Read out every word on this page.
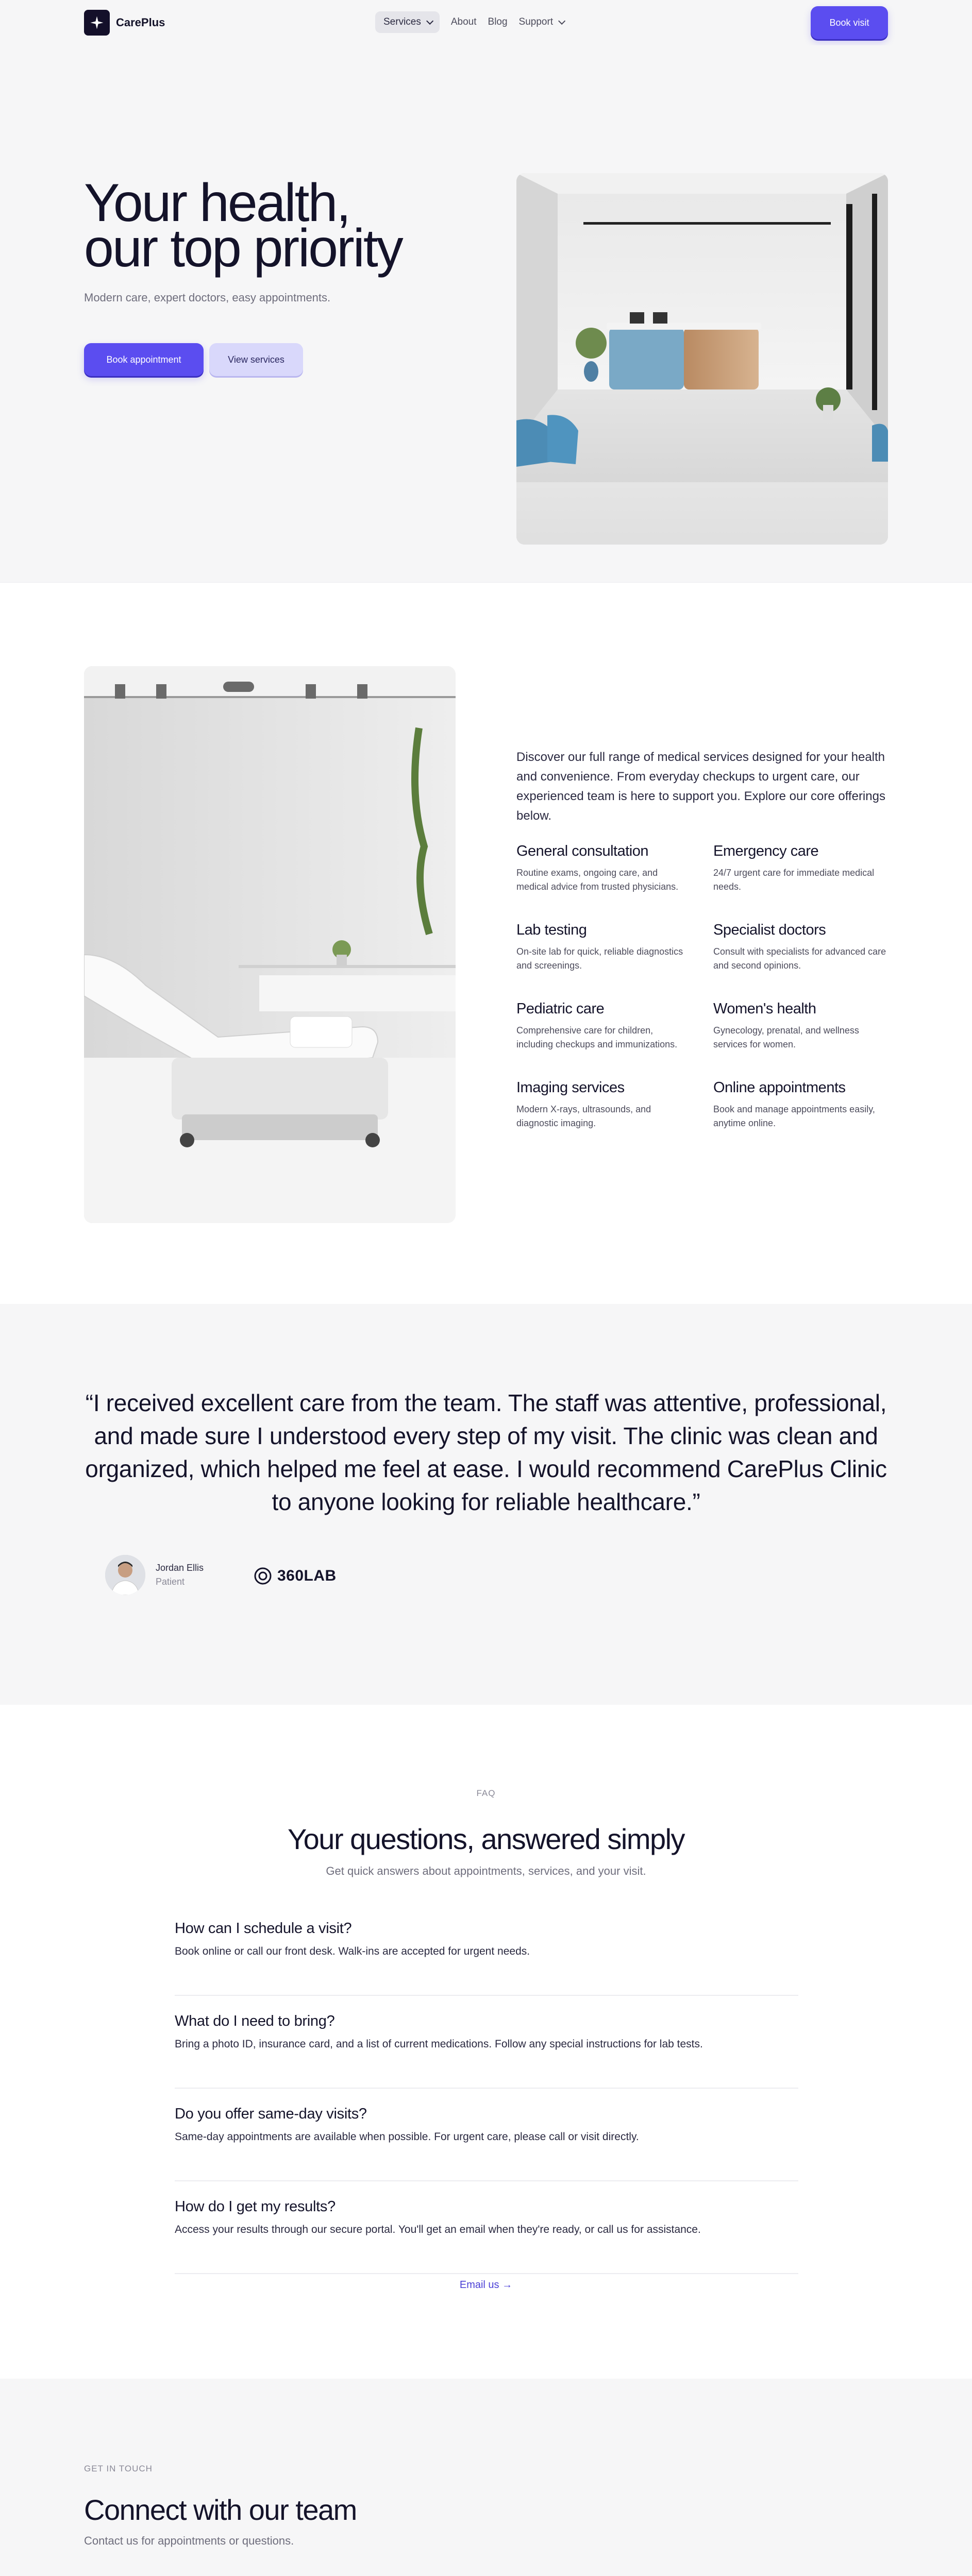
CarePlus	Services	About Blog Support	Book visit
Your health,
our top priority

Modern care, expert doctors, easy appointments.

Book appointment	View services

Discover our full range of medical services designed for your health and convenience. From everyday checkups to urgent care, our experienced team is here to support you. Explore our core offerings below.

General consultation

Routine exams, ongoing care, and medical advice from trusted physicians.

Emergency care

24/7 urgent care for immediate medical needs.

Lab testing

On-site lab for quick, reliable diagnostics and screenings.

Specialist doctors

Consult with specialists for advanced care and second opinions.

Pediatric care

Comprehensive care for children, including checkups and immunizations.

Women's health

Gynecology, prenatal, and wellness services for women.

Imaging services

Modern X-rays, ultrasounds, and diagnostic imaging.

Online appointments

Book and manage appointments easily, anytime online.

“I received excellent care from the team. The staff was attentive, professional, and made sure I understood every step of my visit. The clinic was clean and organized, which helped me feel at ease. I would recommend CarePlus Clinic to anyone looking for reliable healthcare.”
Jordan Ellis
Patient	360LAB
FAQ
Your questions, answered simply

Get quick answers about appointments, services, and your visit.

How can I schedule a visit?

Book online or call our front desk. Walk-ins are accepted for urgent needs.

What do I need to bring?

Bring a photo ID, insurance card, and a list of current medications. Follow any special instructions for lab tests.

Do you offer same-day visits?

Same-day appointments are available when possible. For urgent care, please call or visit directly.

How do I get my results?

Access your results through our secure portal. You'll get an email when they're ready, or call us for assistance.

Email us →
GET IN TOUCH
Connect with our team

Contact us for appointments or questions.
